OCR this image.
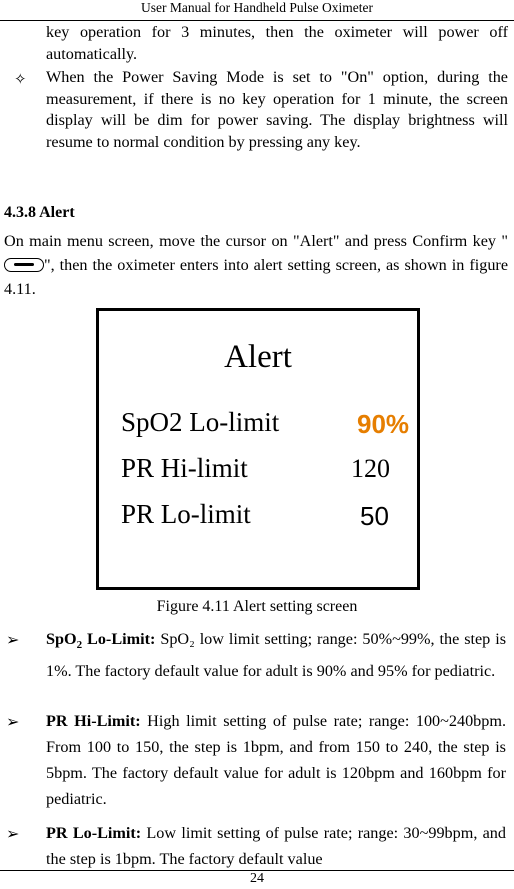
User Manual for Handheld Pulse Oximeter
key operation for 3 minutes, then the oximeter will power off automatically.
✧ When the Power Saving Mode is set to "On" option, during the measurement, if there is no key operation for 1 minute, the screen display will be dim for power saving. The display brightness will resume to normal condition by pressing any key.
4.3.8 Alert
On main menu screen, move the cursor on "Alert" and press Confirm key "", then the oximeter enters into alert setting screen, as shown in figure 4.11.
Alert
SpO2 Lo-limit	90%
PR Hi-limit	120
PR Lo-limit	50
Figure 4.11 Alert setting screen
➢ SpO$_2$ Lo-Limit: SpO₂ low limit setting; range: 50%~99%, the step is 1%. The factory default value for adult is 90% and 95% for pediatric.
➢ PR Hi-Limit: High limit setting of pulse rate; range: 100~240bpm. From 100 to 150, the step is 1bpm, and from 150 to 240, the step is 5bpm. The factory default value for adult is 120bpm and 160bpm for pediatric.
➢ PR Lo-Limit: Low limit setting of pulse rate; range: 30~99bpm, and the step is 1bpm. The factory default value
24
